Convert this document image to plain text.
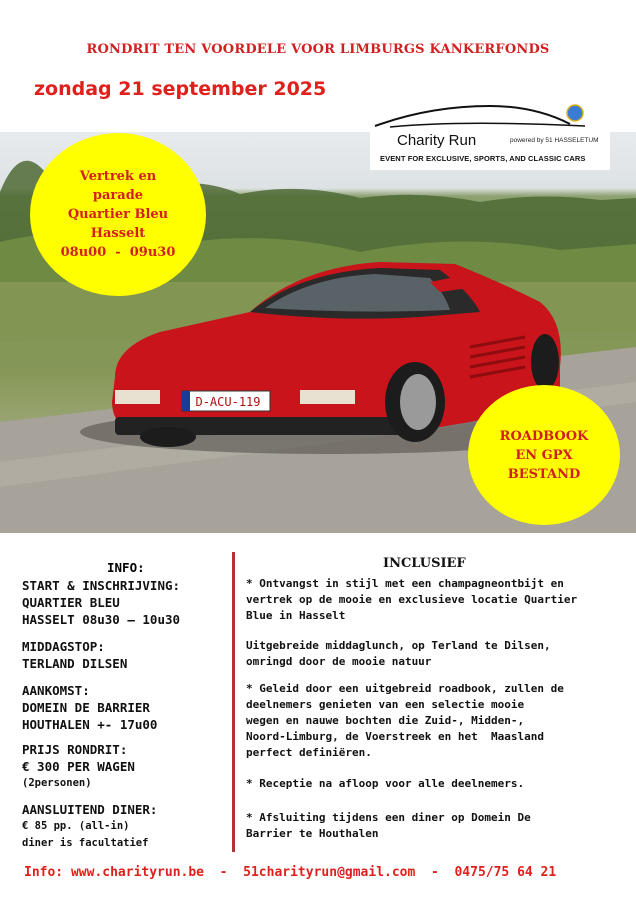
RONDRIT TEN VOORDELE VOOR LIMBURGS KANKERFONDS
zondag 21 september 2025
D-ACU-119
Charity Run	powered by 51 HASSELETUM
EVENT FOR EXCLUSIVE, SPORTS, AND CLASSIC CARS
Vertrek en
parade
Quartier Bleu
Hasselt
08u00  -  09u30
ROADBOOK
EN GPX
BESTAND
INFO:
START & INSCHRIJVING:
QUARTIER BLEU
HASSELT 08u30 – 10u30
MIDDAGSTOP:
TERLAND DILSEN
AANKOMST:
DOMEIN DE BARRIER
HOUTHALEN +- 17u00
PRIJS RONDRIT:
€ 300 PER WAGEN
(2personen)
AANSLUITEND DINER:
€ 85 pp. (all-in)
diner is facultatief
INCLUSIEF
* Ontvangst in stijl met een champagneontbijt en
vertrek op de mooie en exclusieve locatie Quartier
Blue in Hasselt
Uitgebreide middaglunch, op Terland te Dilsen,
omringd door de mooie natuur
* Geleid door een uitgebreid roadbook, zullen de
deelnemers genieten van een selectie mooie
wegen en nauwe bochten die Zuid-, Midden-,
Noord-Limburg, de Voerstreek en het  Maasland
perfect definiëren.
* Receptie na afloop voor alle deelnemers.
* Afsluiting tijdens een diner op Domein De
Barrier te Houthalen
Info: www.charityrun.be  -  51charityrun@gmail.com  -  0475/75 64 21
